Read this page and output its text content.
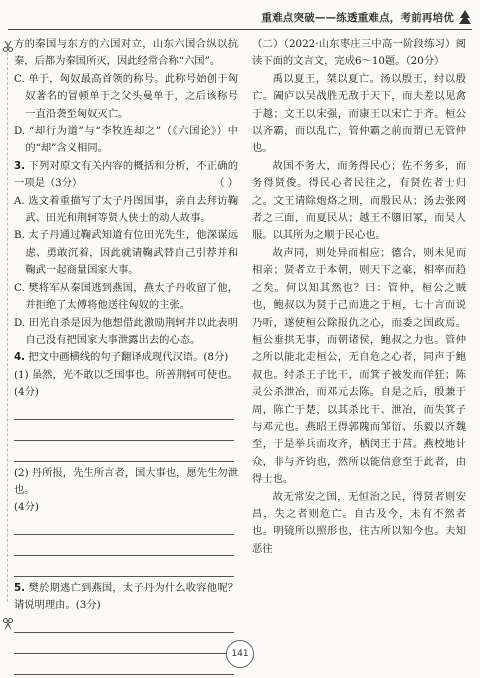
重难点突破——练透重难点，考前再培优

方的秦国与东方的六国对立，山东六国合纵以抗秦，后都为秦国所灭，因此经常合称“六国”。

C. 单于，匈奴最高首领的称号。此称号始创于匈奴著名的冒顿单于之父头曼单于，之后该称号一直沿袭至匈奴灭亡。

D. “却行为道”与“李牧连却之”（《六国论》）中的“却”含义相同。

3. 下列对原文有关内容的概括和分析，不正确的一项是（3分）	（ ）

A. 选文着重描写了太子丹图国事，亲自去拜访鞠武、田光和荆轲等贤人侠士的动人故事。

B. 太子丹通过鞠武知道有位田光先生，他深谋远虑、勇敢沉着，因此就请鞠武替自己引荐并和鞠武一起商量国家大事。

C. 樊将军从秦国逃到燕国，燕太子丹收留了他，并拒绝了太傅将他送往匈奴的主张。

D. 田光自杀是因为他想借此激励荆轲并以此表明自己没有把国家大事泄露出去的心态。

4. 把文中画横线的句子翻译成现代汉语。(8分)

(1) 虽然，光不敢以乏国事也。所善荆轲可使也。

(4分)

(2) 丹所报，先生所言者，国大事也，愿先生勿泄也。

(4分)

5. 樊於期逃亡到燕国，太子丹为什么收容他呢？请说明理由。(3分)

（二）（2022·山东枣庄三中高一阶段练习）阅读下面的文言文，完成6～10题。（20分）

禹以夏王，桀以夏亡。汤以殷王，纣以殷亡。阖庐以吴战胜无敌于天下，而夫差以见禽于越；文王以宋强，而康王以宋亡于齐。桓公以齐霸，而以乱亡，管仲霸之前而谓已无管仲也。

故国不务大，而务得民心；佐不务多，而务得贤俊。得民心者民往之，有贤佐者士归之。文王请除炮烙之刑，而殷民从；汤去张网者之三面，而夏民从；越王不隳旧冢，而吴人服。以其所为之顺于民心也。

故声同，则处异而相应；德合，则未见而相亲；贤者立于本朝，则天下之豪，相率而趋之矣。何以知其然也？曰：管仲，桓公之贼也，鲍叔以为贤于己而进之于桓，七十言而说乃听，遂使桓公除报仇之心，而委之国政焉。桓公垂拱无事，而朝诸侯，鲍叔之力也。管仲之所以能北走桓公，无自危之心者，同声于鲍叔也。纣杀王子比干，而箕子被发而佯狂；陈灵公杀泄冶，而邓元去陈。自是之后，殷兼于周，陈亡于楚，以其杀比干、泄冶，而失箕子与邓元也。燕昭王得郭隗而邹衍、乐毅以齐魏至，于是举兵而攻齐，栖闵王于莒。燕校地计众，非与齐钧也，然所以能信意至于此者，由得士也。

故无常安之国，无恒治之民，得贤者则安昌，失之者则危亡。自古及今，未有不然者也。明镜所以照形也，往古所以知今也。夫知恶往

141
